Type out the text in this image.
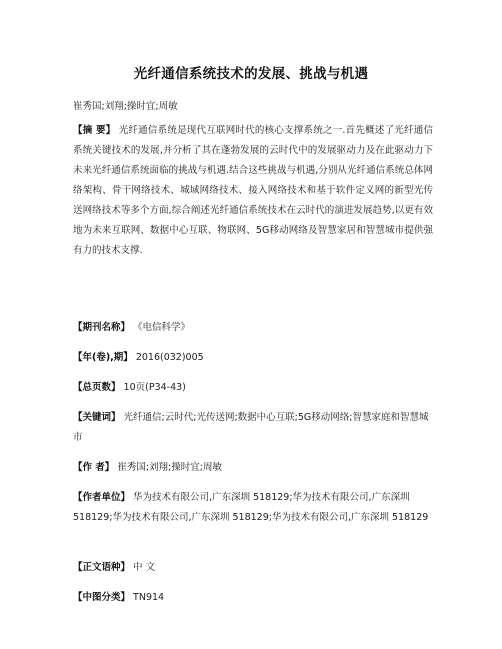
光纤通信系统技术的发展、挑战与机遇
崔秀国;刘翔;操时宜;周敏
【摘 要】 光纤通信系统是现代互联网时代的核心支撑系统之一.首先概述了光纤通信系统关键技术的发展,并分析了其在蓬勃发展的云时代中的发展驱动力及在此驱动力下未来光纤通信系统面临的挑战与机遇.结合这些挑战与机遇,分别从光纤通信系统总体网络架构、骨干网络技术、城域网络技术、接入网络技术和基于软件定义网的新型光传送网络技术等多个方面,综合阐述光纤通信系统技术在云时代的演进发展趋势,以更有效地为未来互联网、数据中心互联、物联网、5G移动网络及智慧家居和智慧城市提供强有力的技术支撑.
【期刊名称】 《电信科学》
【年(卷),期】 2016(032)005
【总页数】 10页(P34-43)
【关键词】 光纤通信;云时代;光传送网;数据中心互联;5G移动网络;智慧家庭和智慧城市
【作 者】 崔秀国;刘翔;操时宜;周敏
【作者单位】 华为技术有限公司,广东深圳 518129;华为技术有限公司,广东深圳 518129;华为技术有限公司,广东深圳 518129;华为技术有限公司,广东深圳 518129
【正文语种】 中 文
【中图分类】 TN914
